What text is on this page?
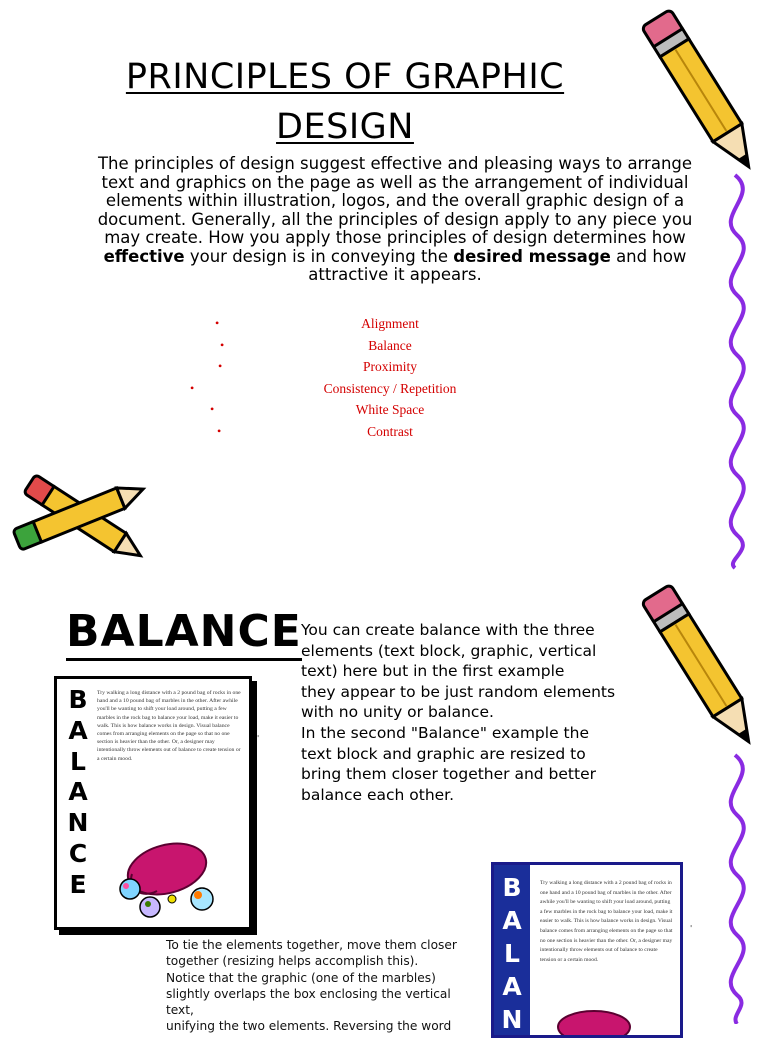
PRINCIPLES OF GRAPHIC
DESIGN
The principles of design suggest effective and pleasing ways to arrange text and graphics on the page as well as the arrangement of individual elements within illustration, logos, and the overall graphic design of a document. Generally, all the principles of design apply to any piece you may create. How you apply those principles of design determines how effective your design is in conveying the desired message and how attractive it appears.
•	Alignment
•	Balance
•	Proximity
•	Consistency / Repetition
•	White Space
•	Contrast
BALANCE You can create balance with the three
elements (text block, graphic, vertical
text) here but in the first example
they appear to be just random elements
with no unity or balance.
In the second "Balance" example the
text block and graphic are resized to
bring them closer together and better
balance each other.
B
A
L
A
N
C
E
Try walking a long distance with a 2 pound bag of rocks in one hand and a 10 pound bag of marbles in the other. After awhile you'll be wanting to shift your load around, putting a few marbles in the rock bag to balance your load, make it easier to walk. This is how balance works in design. Visual balance comes from arranging elements on the page so that no one section is heavier than the other. Or, a designer may intentionally throw elements out of balance to create tension or a certain mood.
'
To tie the elements together, move them closer
together (resizing helps accomplish this).
Notice that the graphic (one of the marbles)
slightly overlaps the box enclosing the vertical
text,
unifying the two elements. Reversing the word
B
A
L
A
N
Try walking a long distance with a 2 pound bag of rocks in one hand and a 10 pound bag of marbles in the other. After awhile you'll be wanting to shift your load around, putting a few marbles in the rock bag to balance your load, make it easier to walk. This is how balance works in design. Visual balance comes from arranging elements on the page so that no one section is heavier than the other. Or, a designer may intentionally throw elements out of balance to create tension or a certain mood.
'
